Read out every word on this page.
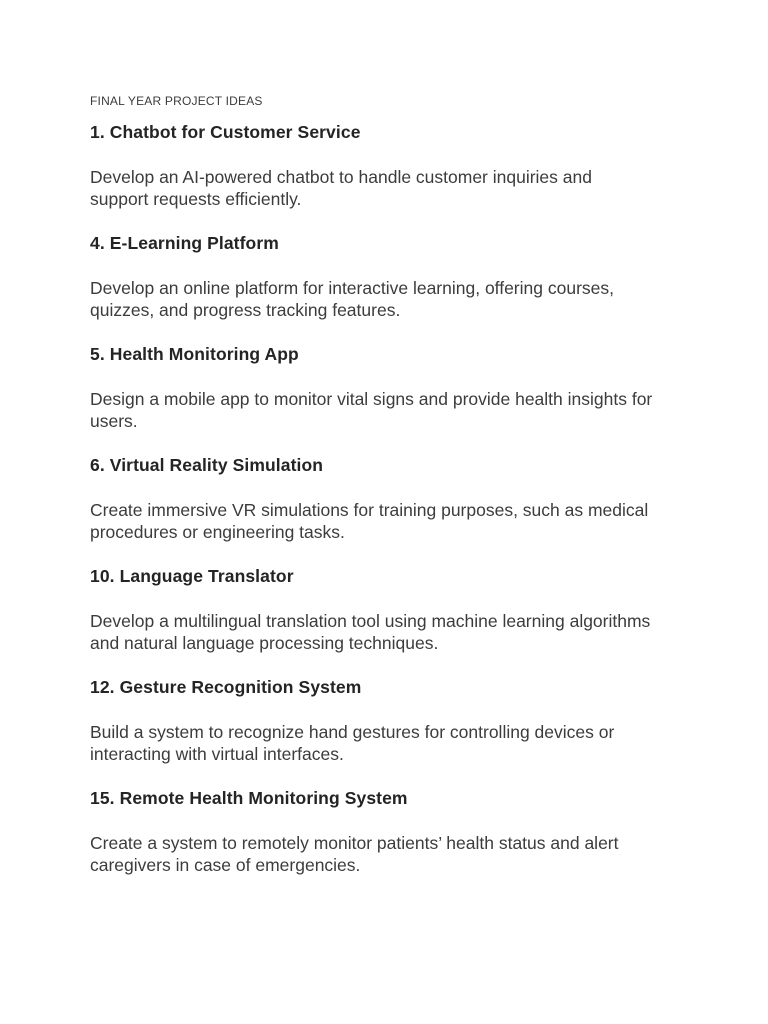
FINAL YEAR PROJECT IDEAS
1. Chatbot for Customer Service

Develop an AI-powered chatbot to handle customer inquiries and
support requests efficiently.

4. E-Learning Platform

Develop an online platform for interactive learning, offering courses,
quizzes, and progress tracking features.

5. Health Monitoring App

Design a mobile app to monitor vital signs and provide health insights for
users.

6. Virtual Reality Simulation

Create immersive VR simulations for training purposes, such as medical
procedures or engineering tasks.

10. Language Translator

Develop a multilingual translation tool using machine learning algorithms
and natural language processing techniques.

12. Gesture Recognition System

Build a system to recognize hand gestures for controlling devices or
interacting with virtual interfaces.

15. Remote Health Monitoring System

Create a system to remotely monitor patients’ health status and alert
caregivers in case of emergencies.
